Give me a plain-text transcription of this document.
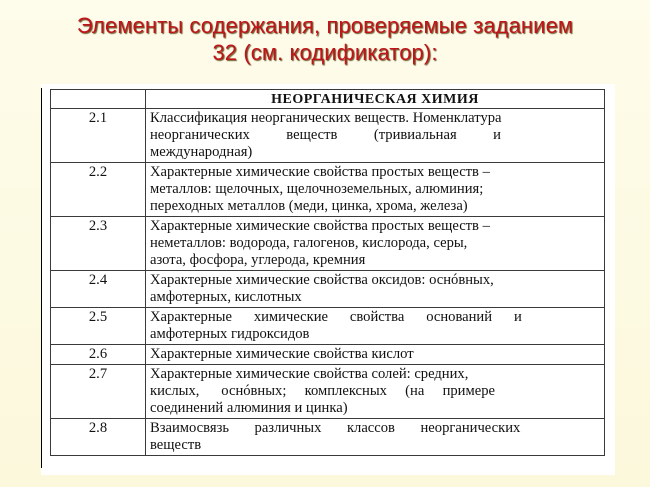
Элементы содержания, проверяемые заданием
32 (см. кодификатор):
	НЕОРГАНИЧЕСКАЯ ХИМИЯ
2.1	Классификация неорганических веществ. Номенклатура
неорганических          веществ          (тривиальная          и
международная)

2.2	Характерные химические свойства простых веществ –
металлов: щелочных, щелочноземельных, алюминия;
переходных металлов (меди, цинка, хрома, железа)

2.3	Характерные химические свойства простых веществ –
неметаллов: водорода, галогенов, кислорода, серы,
азота, фосфора, углерода, кремния

2.4	Характерные химические свойства оксидов: оснóвных,
амфотерных, кислотных

2.5	Характерные      химические      свойства      оснований      и
амфотерных гидроксидов

2.6	Характерные химические свойства кислот

2.7	Характерные химические свойства солей: средних,
кислых,      оснóвных;     комплексных     (на     примере
соединений алюминия и цинка)

2.8	Взаимосвязь       различных       классов       неорганических
веществ
